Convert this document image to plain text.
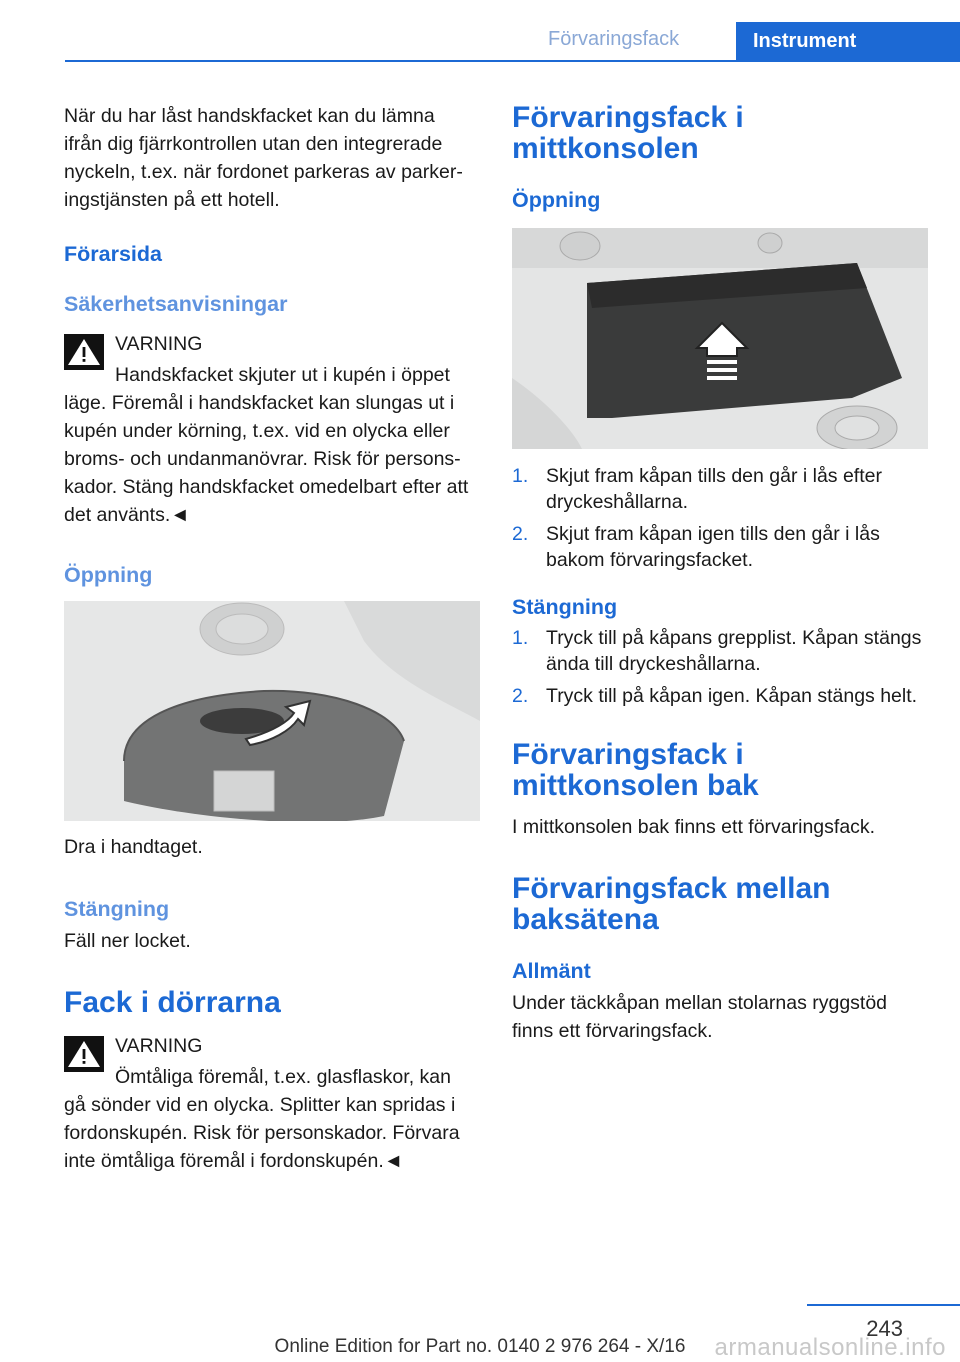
Förvaringsfack	Instrument

När du har låst handskfacket kan du lämna ifrån dig fjärrkontrollen utan den integrerade nyckeln, t.ex. när fordonet parkeras av parker‐ingstjänsten på ett hotell.

Förarsida
Säkerhetsanvisningar

VARNING

Handskfacket skjuter ut i kupén i öppet

läge. Föremål i handskfacket kan slungas ut i kupén under körning, t.ex. vid en olycka eller broms- och undanmanövrar. Risk för persons‐kador. Stäng handskfacket omedelbart efter att det använts.◄

Öppning

Dra i handtaget.

Stängning

Fäll ner locket.

Fack i dörrarna

VARNING

Ömtåliga föremål, t.ex. glasflaskor, kan

gå sönder vid en olycka. Splitter kan spridas i fordonskupén. Risk för personskador. Förvara inte ömtåliga föremål i fordonskupén.◄

Förvaringsfack i mittkonsolen
Öppning
1. Skjut fram kåpan tills den går i lås efter dryckeshållarna.
2. Skjut fram kåpan igen tills den går i lås bakom förvaringsfacket.
Stängning
1. Tryck till på kåpans grepplist. Kåpan stängs ända till dryckeshållarna.
2. Tryck till på kåpan igen. Kåpan stängs helt.
Förvaringsfack i mittkonsolen bak

I mittkonsolen bak finns ett förvaringsfack.

Förvaringsfack mellan baksätena
Allmänt

Under täckkåpan mellan stolarnas ryggstöd finns ett förvaringsfack.

243
Online Edition for Part no. 0140 2 976 264 - X/16	armanualsonline.info
